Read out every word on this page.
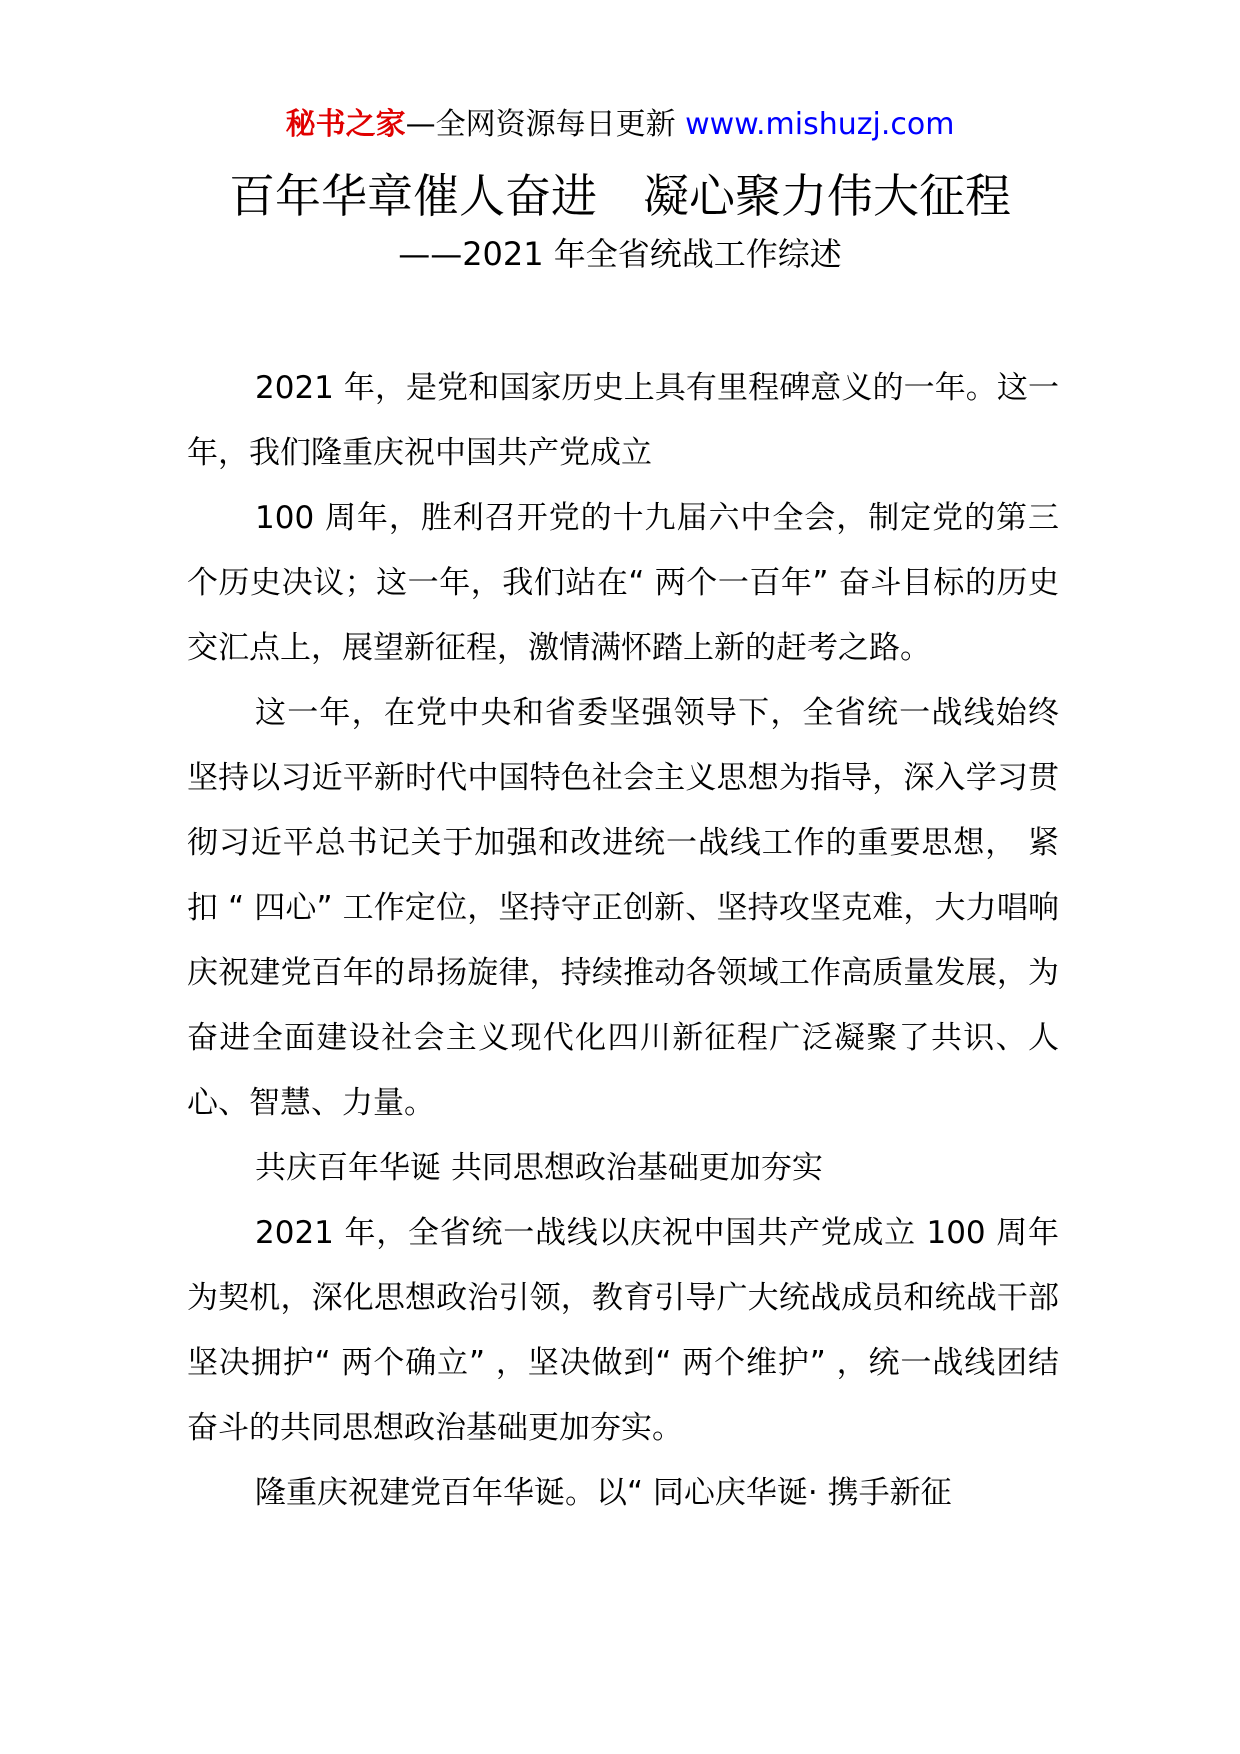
秘书之家—全网资源每日更新 www.mishuzj.com
百年华章催人奋进　凝心聚力伟大征程
——2021 年全省统战工作综述

2021 年，是党和国家历史上具有里程碑意义的一年。这一年，我们隆重庆祝中国共产党成立

100 周年，胜利召开党的十九届六中全会，制定党的第三个历史决议；这一年，我们站在“ 两个一百年” 奋斗目标的历史交汇点上，展望新征程，激情满怀踏上新的赶考之路。

这一年，在党中央和省委坚强领导下，全省统一战线始终坚持以习近平新时代中国特色社会主义思想为指导，深入学习贯彻习近平总书记关于加强和改进统一战线工作的重要思想， 紧扣 “ 四心” 工作定位，坚持守正创新、坚持攻坚克难，大力唱响庆祝建党百年的昂扬旋律，持续推动各领域工作高质量发展，为奋进全面建设社会主义现代化四川新征程广泛凝聚了共识、人心、智慧、力量。

共庆百年华诞 共同思想政治基础更加夯实

2021 年，全省统一战线以庆祝中国共产党成立 100 周年为契机，深化思想政治引领，教育引导广大统战成员和统战干部坚决拥护“ 两个确立” ，坚决做到“ 两个维护” ，统一战线团结奋斗的共同思想政治基础更加夯实。

隆重庆祝建党百年华诞。以“ 同心庆华诞· 携手新征
